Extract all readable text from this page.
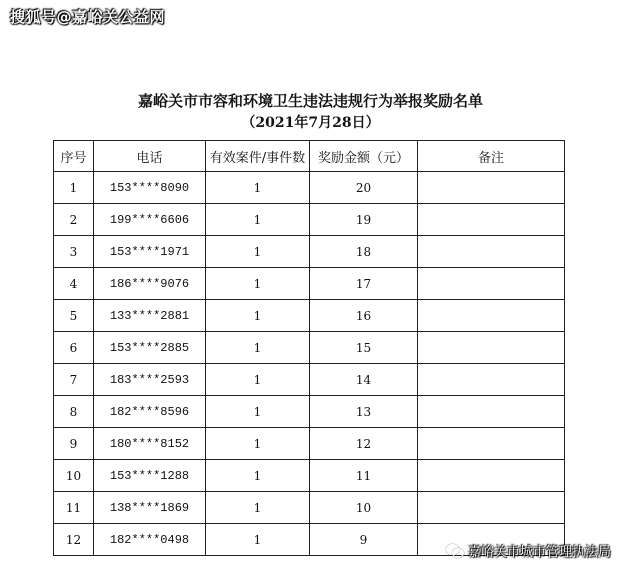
搜狐号@嘉峪关公益网
嘉峪关市市容和环境卫生违法违规行为举报奖励名单
（2021年7月28日）
序号	电话	有效案件/事件数	奖励金额（元）	备注
1	153****8090	1	20	
2	199****6606	1	19	
3	153****1971	1	18	
4	186****9076	1	17	
5	133****2881	1	16	
6	153****2885	1	15	
7	183****2593	1	14	
8	182****8596	1	13	
9	180****8152	1	12	
10	153****1288	1	11	
11	138****1869	1	10	
12	182****0498	1	9	
嘉峪关市城市管理执法局
